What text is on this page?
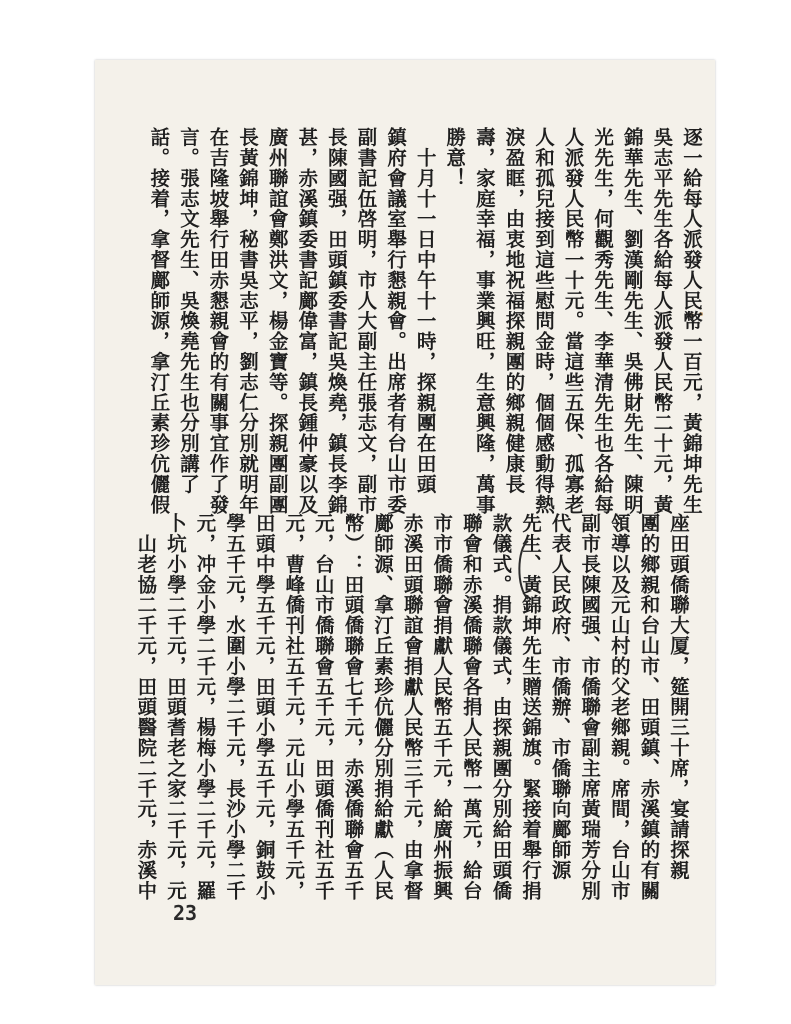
逐一給每人派發人民幣一百元，黃錦坤先生
吳志平先生各給每人派發人民幣二十元，黃
錦華先生、劉漢剛先生、吳佛財先生、陳明
光先生，何觀秀先生、李華清先生也各給每
人派發人民幣一十元。當這些五保、孤寡老
人和孤兒接到這些慰問金時，個個感動得熱
淚盈眶，由衷地祝福探親團的鄉親健康長
壽，家庭幸福，事業興旺，生意興隆，萬事
勝意！
　十月十一日中午十一時，探親團在田頭
鎮府會議室舉行懇親會。出席者有台山市委
副書記伍啓明，市人大副主任張志文，副市
長陳國强，田頭鎮委書記吳煥堯，鎮長李錦
甚，赤溪鎮委書記鄺偉富，鎮長鍾仲豪以及
廣州聯誼會鄭洪文，楊金寶等。探親團副團
長黃錦坤，秘書吳志平，劉志仁分別就明年
在吉隆坡舉行田赤懇親會的有關事宜作了發
言。張志文先生、吳煥堯先生也分別講了
話。接着，拿督鄺師源，拿汀丘素珍伉儷假
座田頭僑聯大厦，筵開三十席，宴請探親
團的鄉親和台山市、田頭鎮、赤溪鎮的有關
領導以及元山村的父老鄉親。席間，台山市
副市長陳國强、市僑聯會副主席黃瑞芳分別
代表人民政府、市僑辦、市僑聯向鄺師源
先生、黃錦坤先生贈送錦旗。緊接着舉行捐
款儀式。捐款儀式，由探親團分別給田頭僑
聯會和赤溪僑聯會各捐人民幣一萬元，給台
市市僑聯會捐獻人民幣五千元，給廣州振興
赤溪田頭聯誼會捐獻人民幣三千元，由拿督
鄺師源、拿汀丘素珍伉儷分別捐給獻（人民
幣）：田頭僑聯會七千元，赤溪僑聯會五千
元，台山市僑聯會五千元，田頭僑刊社五千
元，曹峰僑刊社五千元，元山小學五千元，
田頭中學五千元，田頭小學五千元，銅鼓小
學五千元，水圍小學二千元，長沙小學二千
元，冲金小學二千元，楊梅小學二千元，羅
卜坑小學二千元，田頭耆老之家二千元，元
　山老協二千元，田頭醫院二千元，赤溪中
23
